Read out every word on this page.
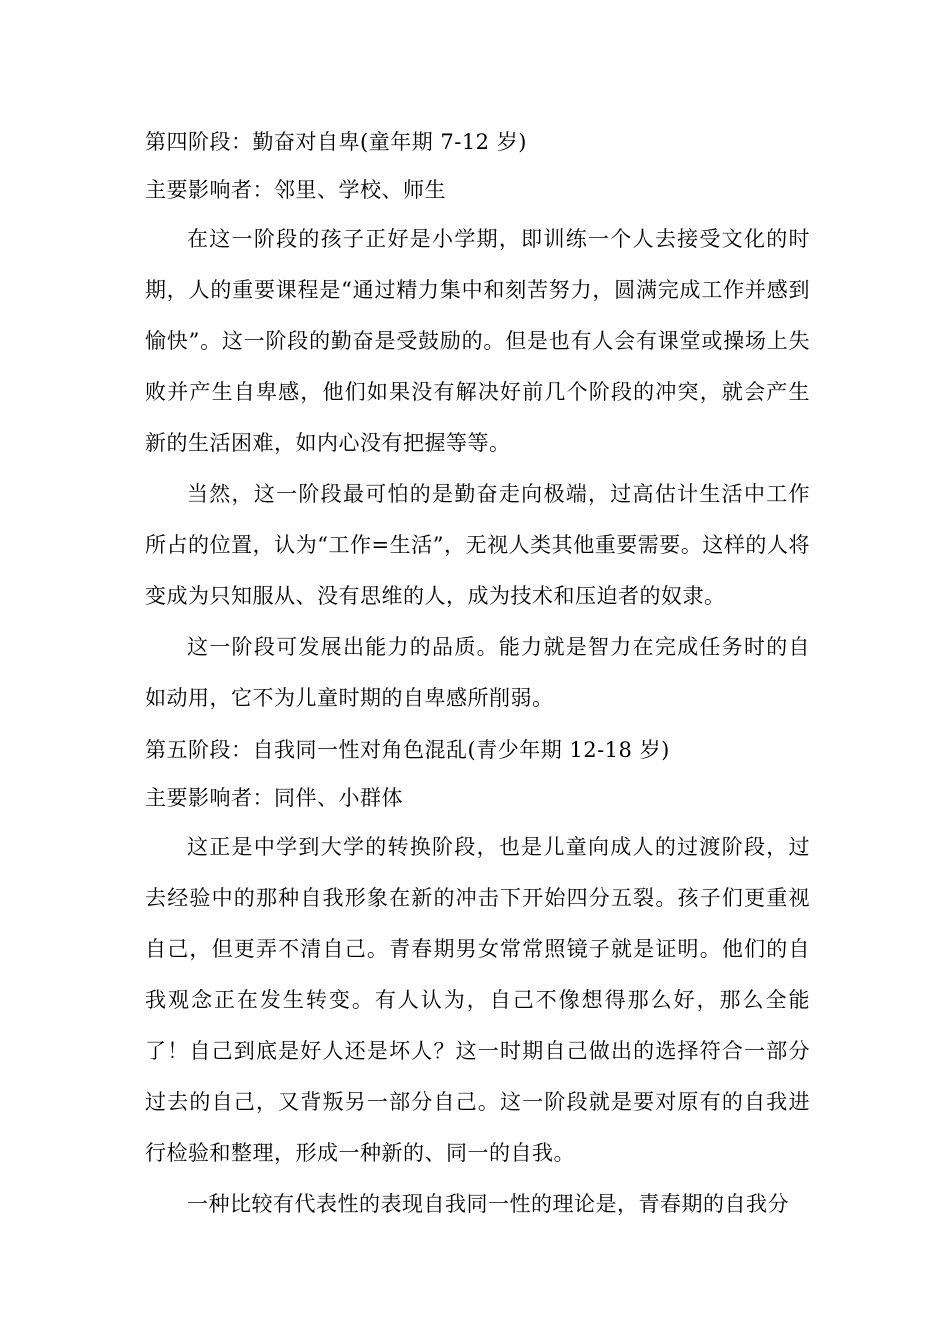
第四阶段：勤奋对自卑(童年期 7-12 岁)
主要影响者：邻里、学校、师生

在这一阶段的孩子正好是小学期，即训练一个人去接受文化的时期，人的重要课程是“通过精力集中和刻苦努力，圆满完成工作并感到愉快”。这一阶段的勤奋是受鼓励的。但是也有人会有课堂或操场上失败并产生自卑感，他们如果没有解决好前几个阶段的冲突，就会产生新的生活困难，如内心没有把握等等。

当然，这一阶段最可怕的是勤奋走向极端，过高估计生活中工作所占的位置，认为“工作=生活”，无视人类其他重要需要。这样的人将变成为只知服从、没有思维的人，成为技术和压迫者的奴隶。

这一阶段可发展出能力的品质。能力就是智力在完成任务时的自如动用，它不为儿童时期的自卑感所削弱。

第五阶段：自我同一性对角色混乱(青少年期 12-18 岁)
主要影响者：同伴、小群体

这正是中学到大学的转换阶段，也是儿童向成人的过渡阶段，过去经验中的那种自我形象在新的冲击下开始四分五裂。孩子们更重视自己，但更弄不清自己。青春期男女常常照镜子就是证明。他们的自我观念正在发生转变。有人认为，自己不像想得那么好，那么全能了！自己到底是好人还是坏人？这一时期自己做出的选择符合一部分过去的自己，又背叛另一部分自己。这一阶段就是要对原有的自我进行检验和整理，形成一种新的、同一的自我。

一种比较有代表性的表现自我同一性的理论是，青春期的自我分
